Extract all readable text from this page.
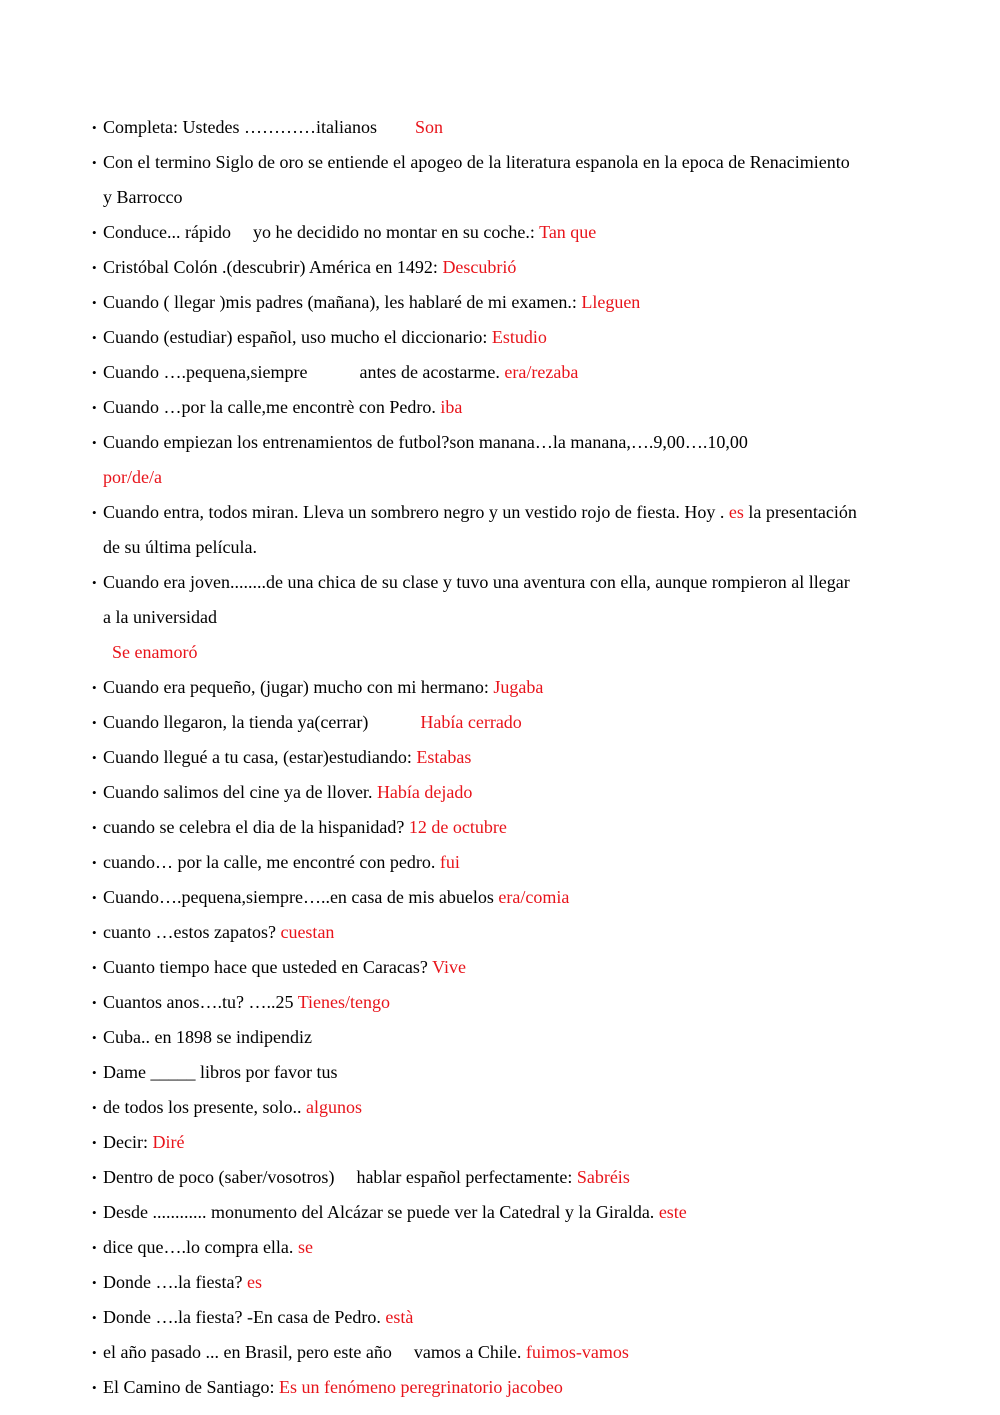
• Completa: Ustedes …………italianos Son
• Con el termino Siglo de oro se entiende el apogeo de la literatura espanola en la epoca de Renacimiento y Barrocco
• Conduce... rápido yo he decidido no montar en su coche.: Tan que
• Cristóbal Colón .(descubrir) América en 1492: Descubrió
• Cuando ( llegar )mis padres (mañana), les hablaré de mi examen.: Lleguen
• Cuando (estudiar) español, uso mucho el diccionario: Estudio
• Cuando ….pequena,siempre	antes de acostarme. era/rezaba
• Cuando …por la calle,me encontrè con Pedro. iba
• Cuando empiezan los entrenamientos de futbol?son manana…la manana,….9,00….10,00
por/de/a
• Cuando entra, todos miran. Lleva un sombrero negro y un vestido rojo de fiesta. Hoy . es la presentación de su última película.
• Cuando era joven........de una chica de su clase y tuvo una aventura con ella, aunque rompieron al llegar a la universidad
Se enamoró
• Cuando era pequeño, (jugar) mucho con mi hermano: Jugaba
• Cuando llegaron, la tienda ya(cerrar)	Había cerrado
• Cuando llegué a tu casa, (estar)estudiando: Estabas
• Cuando salimos del cine ya de llover. Había dejado
• cuando se celebra el dia de la hispanidad? 12 de octubre
• cuando… por la calle, me encontré con pedro. fui
• Cuando….pequena,siempre…..en casa de mis abuelos era/comia
• cuanto …estos zapatos? cuestan
• Cuanto tiempo hace que usteded en Caracas? Vive
• Cuantos anos….tu? …..25 Tienes/tengo
• Cuba.. en 1898 se indipendiz
• Dame _____ libros por favor tus
• de todos los presente, solo.. algunos
• Decir: Diré
• Dentro de poco (saber/vosotros) hablar español perfectamente: Sabréis
• Desde ............ monumento del Alcázar se puede ver la Catedral y la Giralda. este
• dice que….lo compra ella. se
• Donde ….la fiesta? es
• Donde ….la fiesta? -En casa de Pedro. està
• el año pasado ... en Brasil, pero este año vamos a Chile. fuimos-vamos
• El Camino de Santiago: Es un fenómeno peregrinatorio jacobeo
